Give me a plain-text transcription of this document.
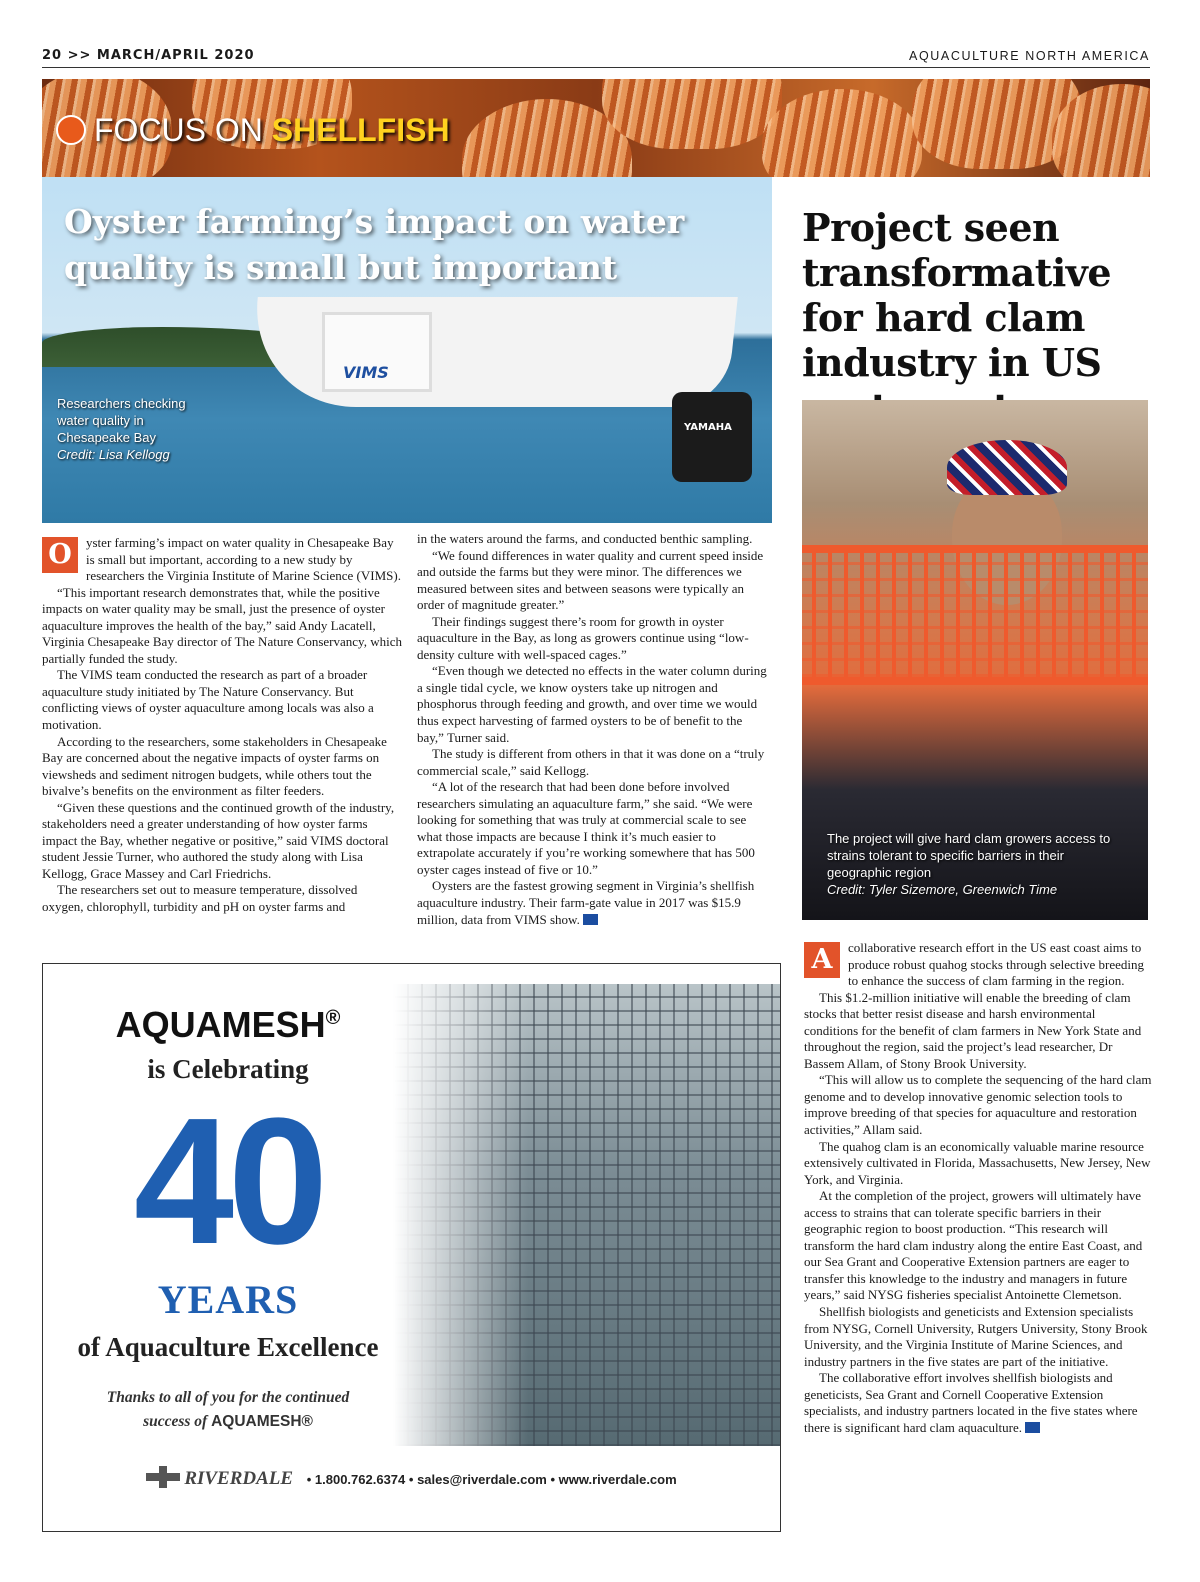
20 >> MARCH/APRIL 2020	AQUACULTURE NORTH AMERICA
FOCUS ON SHELLFISH
VIMS
YAMAHA
Oyster farming’s impact on water quality is small but important
Researchers checking water quality in Chesapeake Bay
Credit: Lisa Kellogg
Project seen transformative for hard clam industry in US
The project will give hard clam growers access to strains tolerant to specific barriers in their geographic region
Credit: Tyler Sizemore, Greenwich Time

O	yster farming’s impact on water quality in Chesapeake Bay is small but important, according to a new study by researchers the Virginia Institute of Marine Science (VIMS).

“This important research demonstrates that, while the positive impacts on water quality may be small, just the presence of oyster aquaculture improves the health of the bay,” said Andy Lacatell, Virginia Chesapeake Bay director of The Nature Conservancy, which partially funded the study.

The VIMS team conducted the research as part of a broader aquaculture study initiated by The Nature Conservancy. But conflicting views of oyster aquaculture among locals was also a motivation.

According to the researchers, some stakeholders in Chesapeake Bay are concerned about the negative impacts of oyster farms on viewsheds and sediment nitrogen budgets, while others tout the bivalve’s benefits on the environment as filter feeders.

“Given these questions and the continued growth of the industry, stakeholders need a greater understanding of how oyster farms impact the Bay, whether negative or positive,” said VIMS doctoral student Jessie Turner, who authored the study along with Lisa Kellogg, Grace Massey and Carl Friedrichs.

The researchers set out to measure temperature, dissolved oxygen, chlorophyll, turbidity and pH on oyster farms and

in the waters around the farms, and conducted benthic sampling.

“We found differences in water quality and current speed inside and outside the farms but they were minor. The differences we measured between sites and between seasons were typically an order of magnitude greater.”

Their findings suggest there’s room for growth in oyster aquaculture in the Bay, as long as growers continue using “low-density culture with well-spaced cages.”

“Even though we detected no effects in the water column during a single tidal cycle, we know oysters take up nitrogen and phosphorus through feeding and growth, and over time we would thus expect harvesting of farmed oysters to be of benefit to the bay,” Turner said.

The study is different from others in that it was done on a “truly commercial scale,” said Kellogg.

“A lot of the research that had been done before involved researchers simulating an aquaculture farm,” she said. “We were looking for something that was truly at commercial scale to see what those impacts are because I think it’s much easier to extrapolate accurately if you’re working somewhere that has 500 oyster cages instead of five or 10.”

Oysters are the fastest growing segment in Virginia’s shellfish aquaculture industry. Their farm-gate value in 2017 was $15.9 million, data from VIMS show.

A	collaborative research effort in the US east coast aims to produce robust quahog stocks through selective breeding to enhance the success of clam farming in the region.

This $1.2-million initiative will enable the breeding of clam stocks that better resist disease and harsh environmental conditions for the benefit of clam farmers in New York State and throughout the region, said the project’s lead researcher, Dr Bassem Allam, of Stony Brook University.

“This will allow us to complete the sequencing of the hard clam genome and to develop innovative genomic selection tools to improve breeding of that species for aquaculture and restoration activities,” Allam said.

The quahog clam is an economically valuable marine resource extensively cultivated in Florida, Massachusetts, New Jersey, New York, and Virginia.

At the completion of the project, growers will ultimately have access to strains that can tolerate specific barriers in their geographic region to boost production. “This research will transform the hard clam industry along the entire East Coast, and our Sea Grant and Cooperative Extension partners are eager to transfer this knowledge to the industry and managers in future years,” said NYSG fisheries specialist Antoinette Clemetson.

Shellfish biologists and geneticists and Extension specialists from NYSG, Cornell University, Rutgers University, Stony Brook University, and the Virginia Institute of Marine Sciences, and industry partners in the five states are part of the initiative.

The collaborative effort involves shellfish biologists and geneticists, Sea Grant and Cornell Cooperative Extension specialists, and industry partners located in the five states where there is significant hard clam aquaculture.

AQUAMESH®
is Celebrating
40
YEARS
of Aquaculture Excellence
Thanks to all of you for the continued
success of AQUAMESH®
RIVERDALE • 1.800.762.6374 • sales@riverdale.com • www.riverdale.com
